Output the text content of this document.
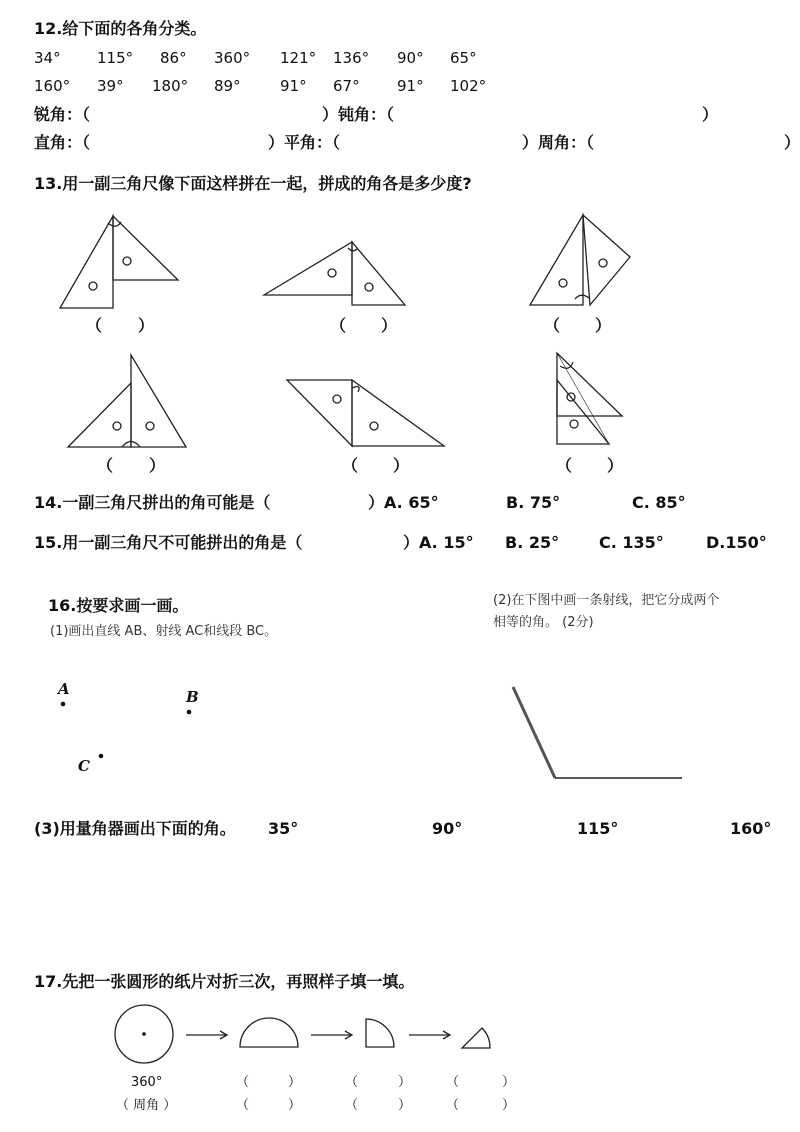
12.给下面的各角分类。
34° 115° 86° 360° 121° 136° 90° 65°
160° 39° 180° 89°	91° 67° 91° 102°
锐角：（	） 钝角：（	）
直角：（	） 平角：（	） 周角：（	）
13.用一副三角尺像下面这样拼在一起，拼成的角各是多少度?
（ ）	（ ）	（ ）
（ ）	（ ）	（ ）
14.一副三角尺拼出的角可能是（	）A. 65°	B. 75°	C. 85°
15.用一副三角尺不可能拼出的角是（	）A. 15° B. 25° C. 135°	D.150°
16.按要求画一画。
(1)画出直线 AB、射线 AC和线段 BC。
(2)在下图中画一条射线，把它分成两个
相等的角。 (2分)
A	B
C
(3)用量角器画出下面的角。 35°	90°	115°	160°
17.先把一张圆形的纸片对折三次，再照样子填一填。
360°
（ 周角 ）
（	）	（	）	（	）
（	）	（	）	（	）
